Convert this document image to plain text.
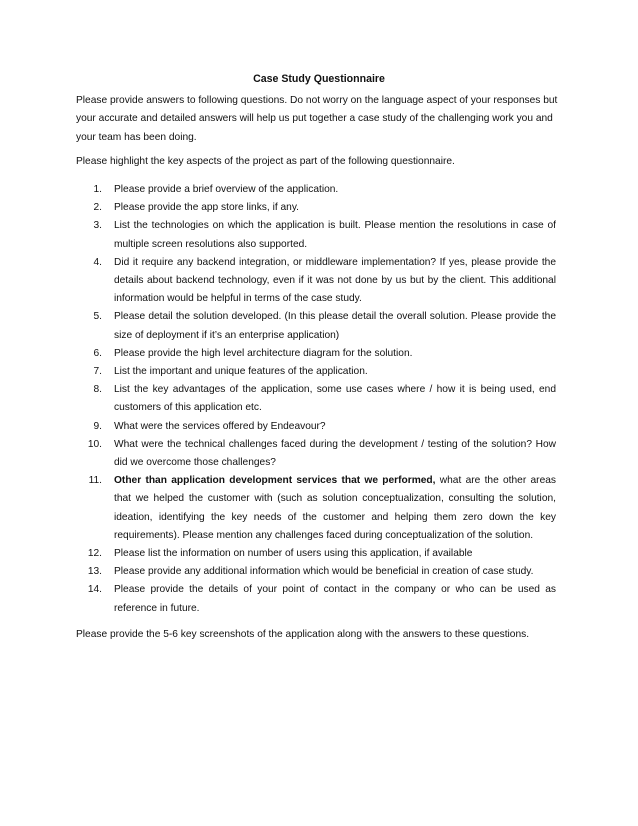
Case Study Questionnaire

Please provide answers to following questions. Do not worry on the language aspect of your responses but your accurate and detailed answers will help us put together a case study of the challenging work you and your team has been doing.

Please highlight the key aspects of the project as part of the following questionnaire.

1.	Please provide a brief overview of the application.
2.	Please provide the app store links, if any.
3.	List the technologies on which the application is built. Please mention the resolutions in case of multiple screen resolutions also supported.
4.	Did it require any backend integration, or middleware implementation? If yes, please provide the details about backend technology, even if it was not done by us but by the client. This additional information would be helpful in terms of the case study.
5.	Please detail the solution developed. (In this please detail the overall solution. Please provide the size of deployment if it’s an enterprise application)
6.	Please provide the high level architecture diagram for the solution.
7.	List the important and unique features of the application.
8.	List the key advantages of the application, some use cases where / how it is being used, end customers of this application etc.
9.	What were the services offered by Endeavour?
10.	What were the technical challenges faced during the development / testing of the solution? How did we overcome those challenges?
11.	Other than application development services that we performed, what are the other areas that we helped the customer with (such as solution conceptualization, consulting the solution, ideation, identifying the key needs of the customer and helping them zero down the key requirements). Please mention any challenges faced during conceptualization of the solution.
12.	Please list the information on number of users using this application, if available
13.	Please provide any additional information which would be beneficial in creation of case study.
14.	Please provide the details of your point of contact in the company or who can be used as reference in future.

Please provide the 5-6 key screenshots of the application along with the answers to these questions.
